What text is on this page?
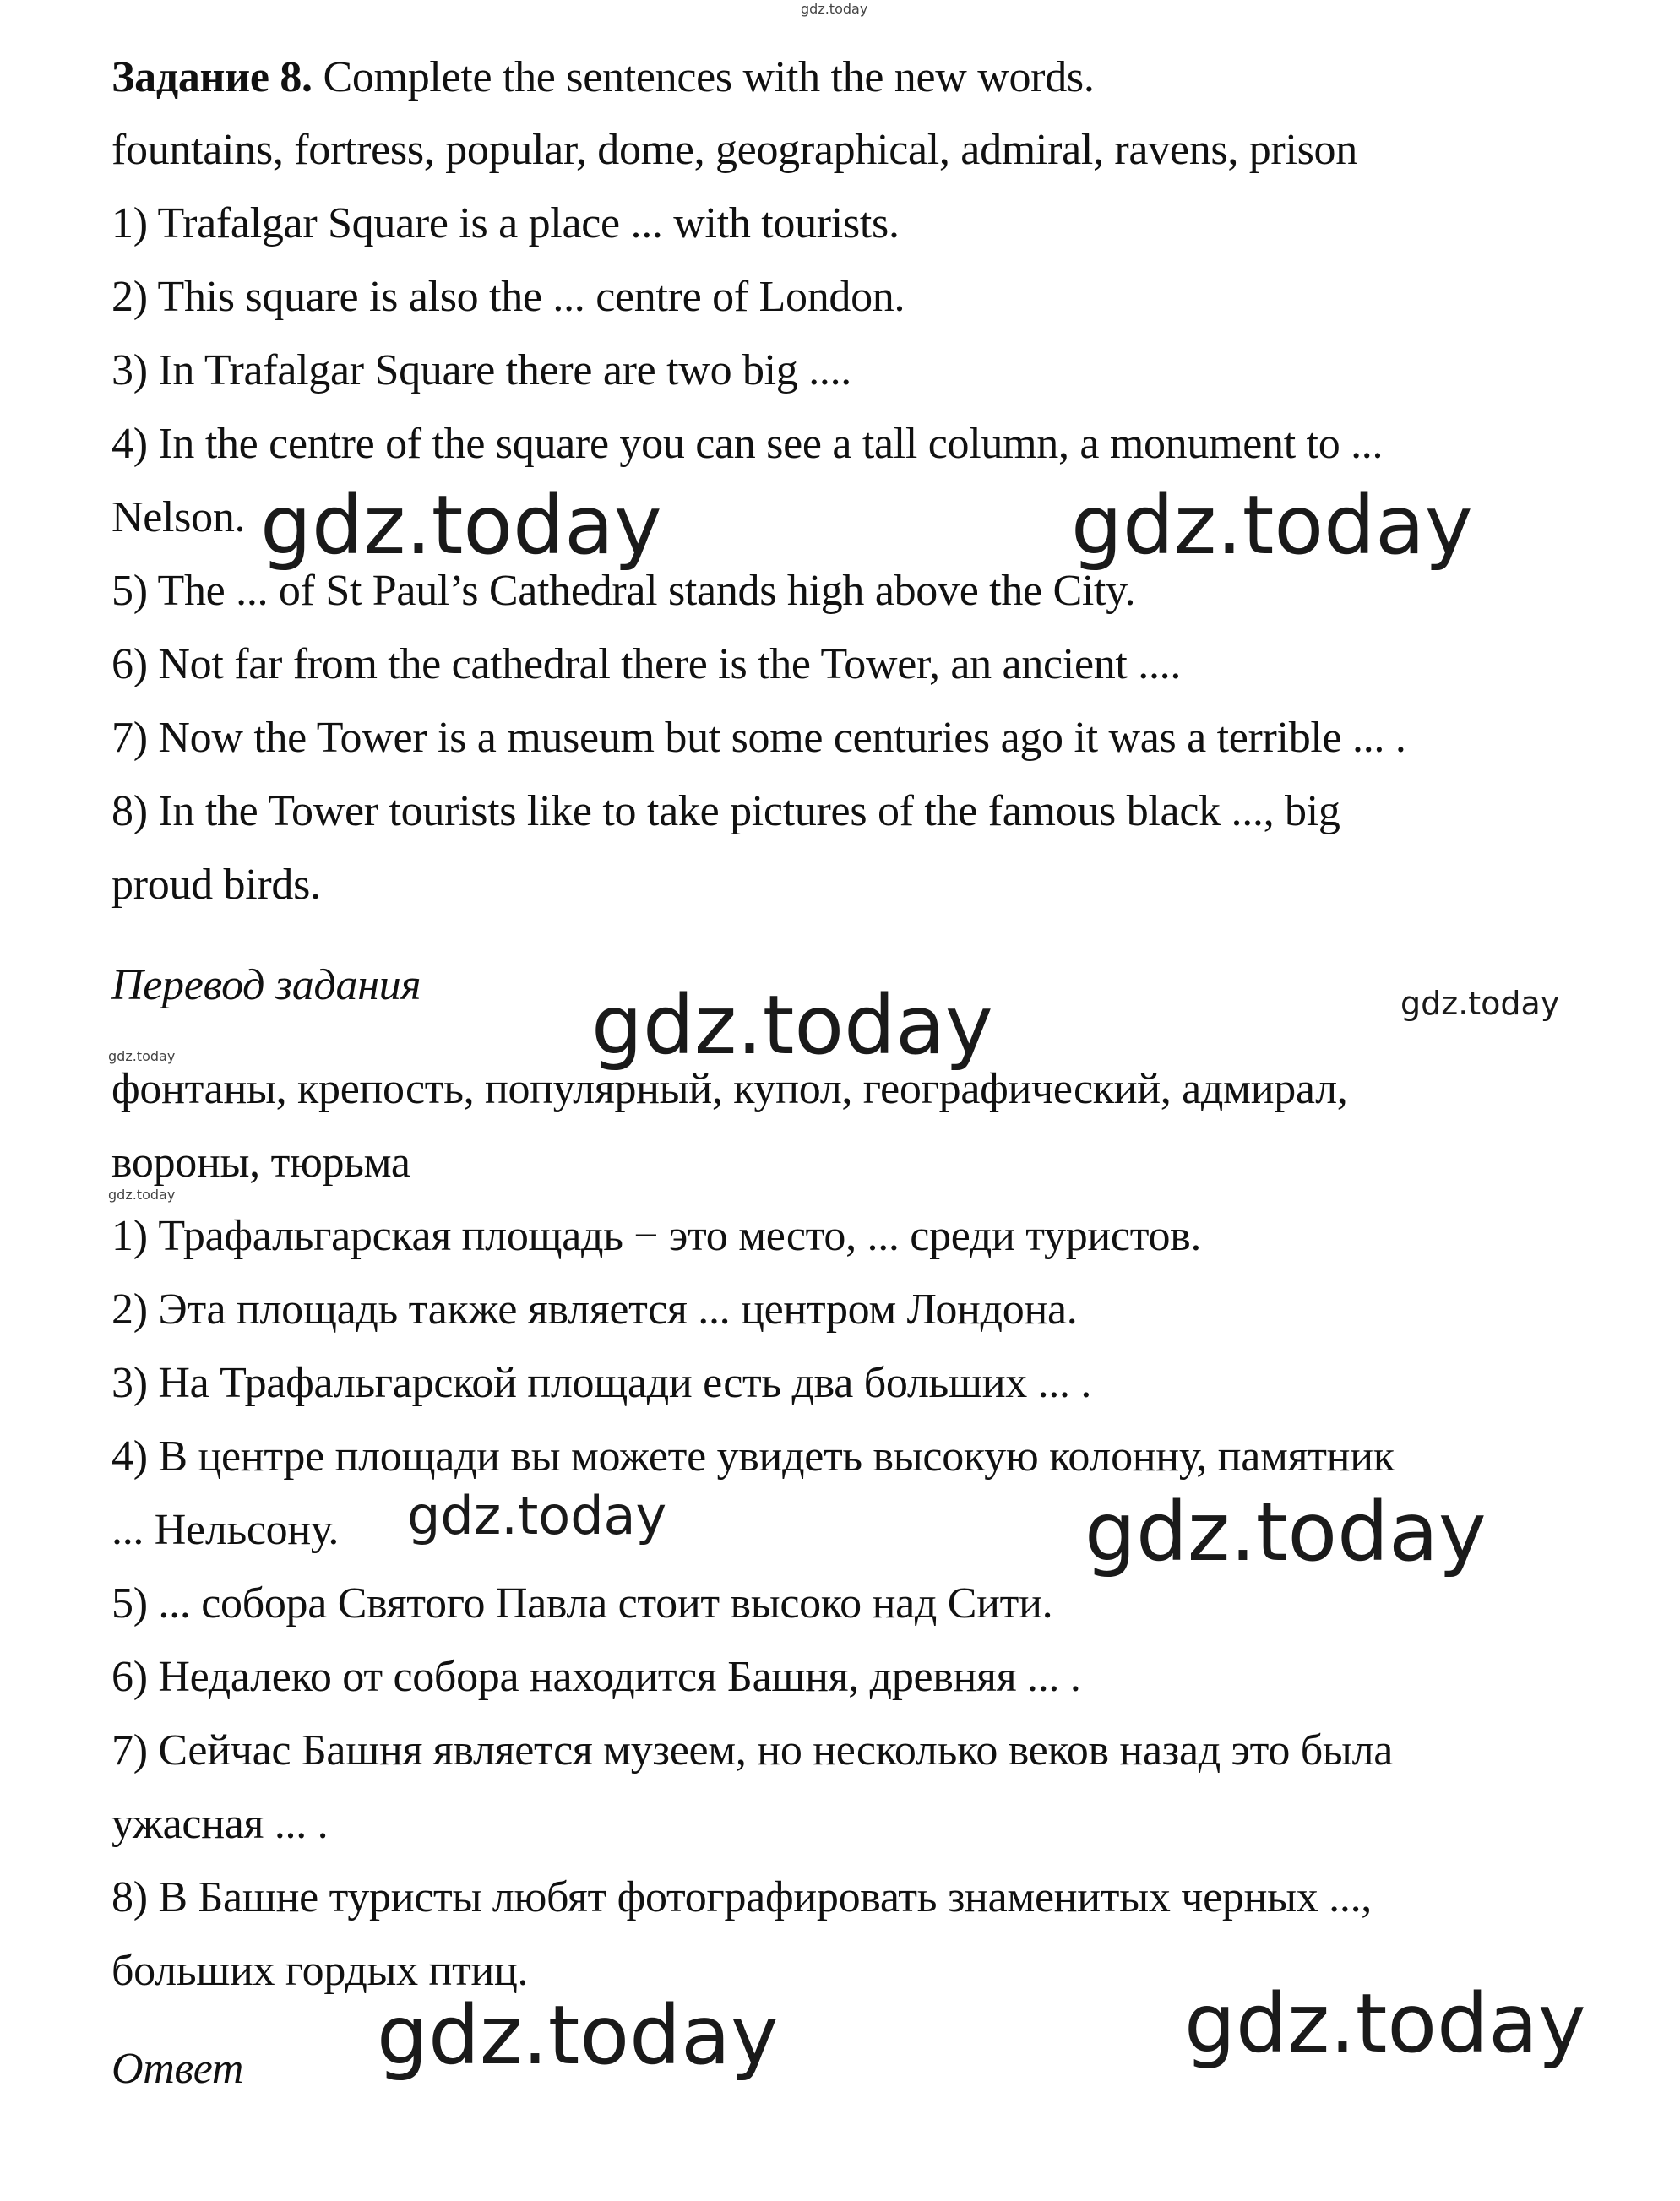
gdz.today
Задание 8. Complete the sentences with the new words.
fountains, fortress, popular, dome, geographical, admiral, ravens, prison
1) Trafalgar Square is a place ... with tourists.
2) This square is also the ... centre of London.
3) In Trafalgar Square there are two big ....
4) In the centre of the square you can see a tall column, a monument to ...
Nelson.
5) The ... of St Paul’s Cathedral stands high above the City.
6) Not far from the cathedral there is the Tower, an ancient ....
7) Now the Tower is a museum but some centuries ago it was a terrible ... .
8) In the Tower tourists like to take pictures of the famous black ..., big
proud birds.
gdz.today	gdz.today
Перевод задания gdz.today	gdz.today
gdz.today
фонтаны, крепость, популярный, купол, географический, адмирал,
вороны, тюрьма
gdz.today
1) Трафальгарская площадь − это место, ... среди туристов.
2) Эта площадь также является ... центром Лондона.
3) На Трафальгарской площади есть два больших ... .
4) В центре площади вы можете увидеть высокую колонну, памятник
... Нельсону. gdz.today	gdz.today
5) ... собора Святого Павла стоит высоко над Сити.
6) Недалеко от собора находится Башня, древняя ... .
7) Сейчас Башня является музеем, но несколько веков назад это была
ужасная ... .
8) В Башне туристы любят фотографировать знаменитых черных ...,
больших гордых птиц.
gdz.today	gdz.today
Ответ
